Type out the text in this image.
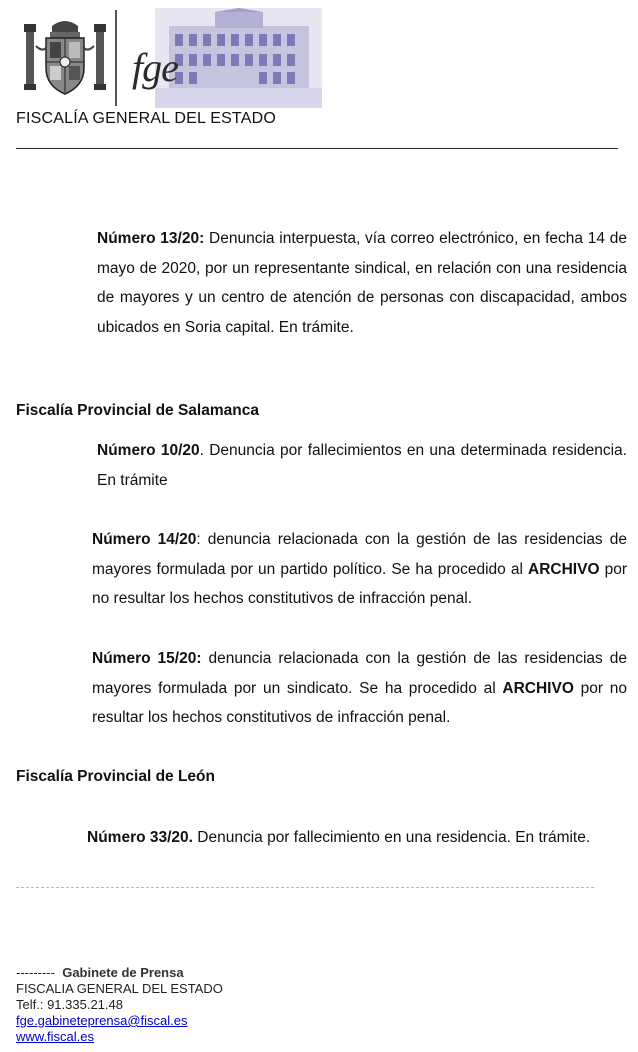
fge
FISCALÍA GENERAL DEL ESTADO

Número 13/20: Denuncia interpuesta, vía correo electrónico, en fecha 14 de mayo de 2020, por un representante sindical, en relación con una residencia de mayores y un centro de atención de personas con discapacidad, ambos ubicados en Soria capital. En trámite.

Fiscalía Provincial de Salamanca

Número 10/20. Denuncia por fallecimientos en una determinada residencia. En trámite

Número 14/20: denuncia relacionada con la gestión de las residencias de mayores formulada por un partido político. Se ha procedido al ARCHIVO por no resultar los hechos constitutivos de infracción penal.

Número 15/20: denuncia relacionada con la gestión de las residencias de mayores formulada por un sindicato. Se ha procedido al ARCHIVO por no resultar los hechos constitutivos de infracción penal.

Fiscalía Provincial de León

Número 33/20. Denuncia por fallecimiento en una residencia. En trámite.

--------- Gabinete de Prensa
FISCALIA GENERAL DEL ESTADO
Telf.: 91.335.21.48
fge.gabineteprensa@fiscal.es
www.fiscal.es
